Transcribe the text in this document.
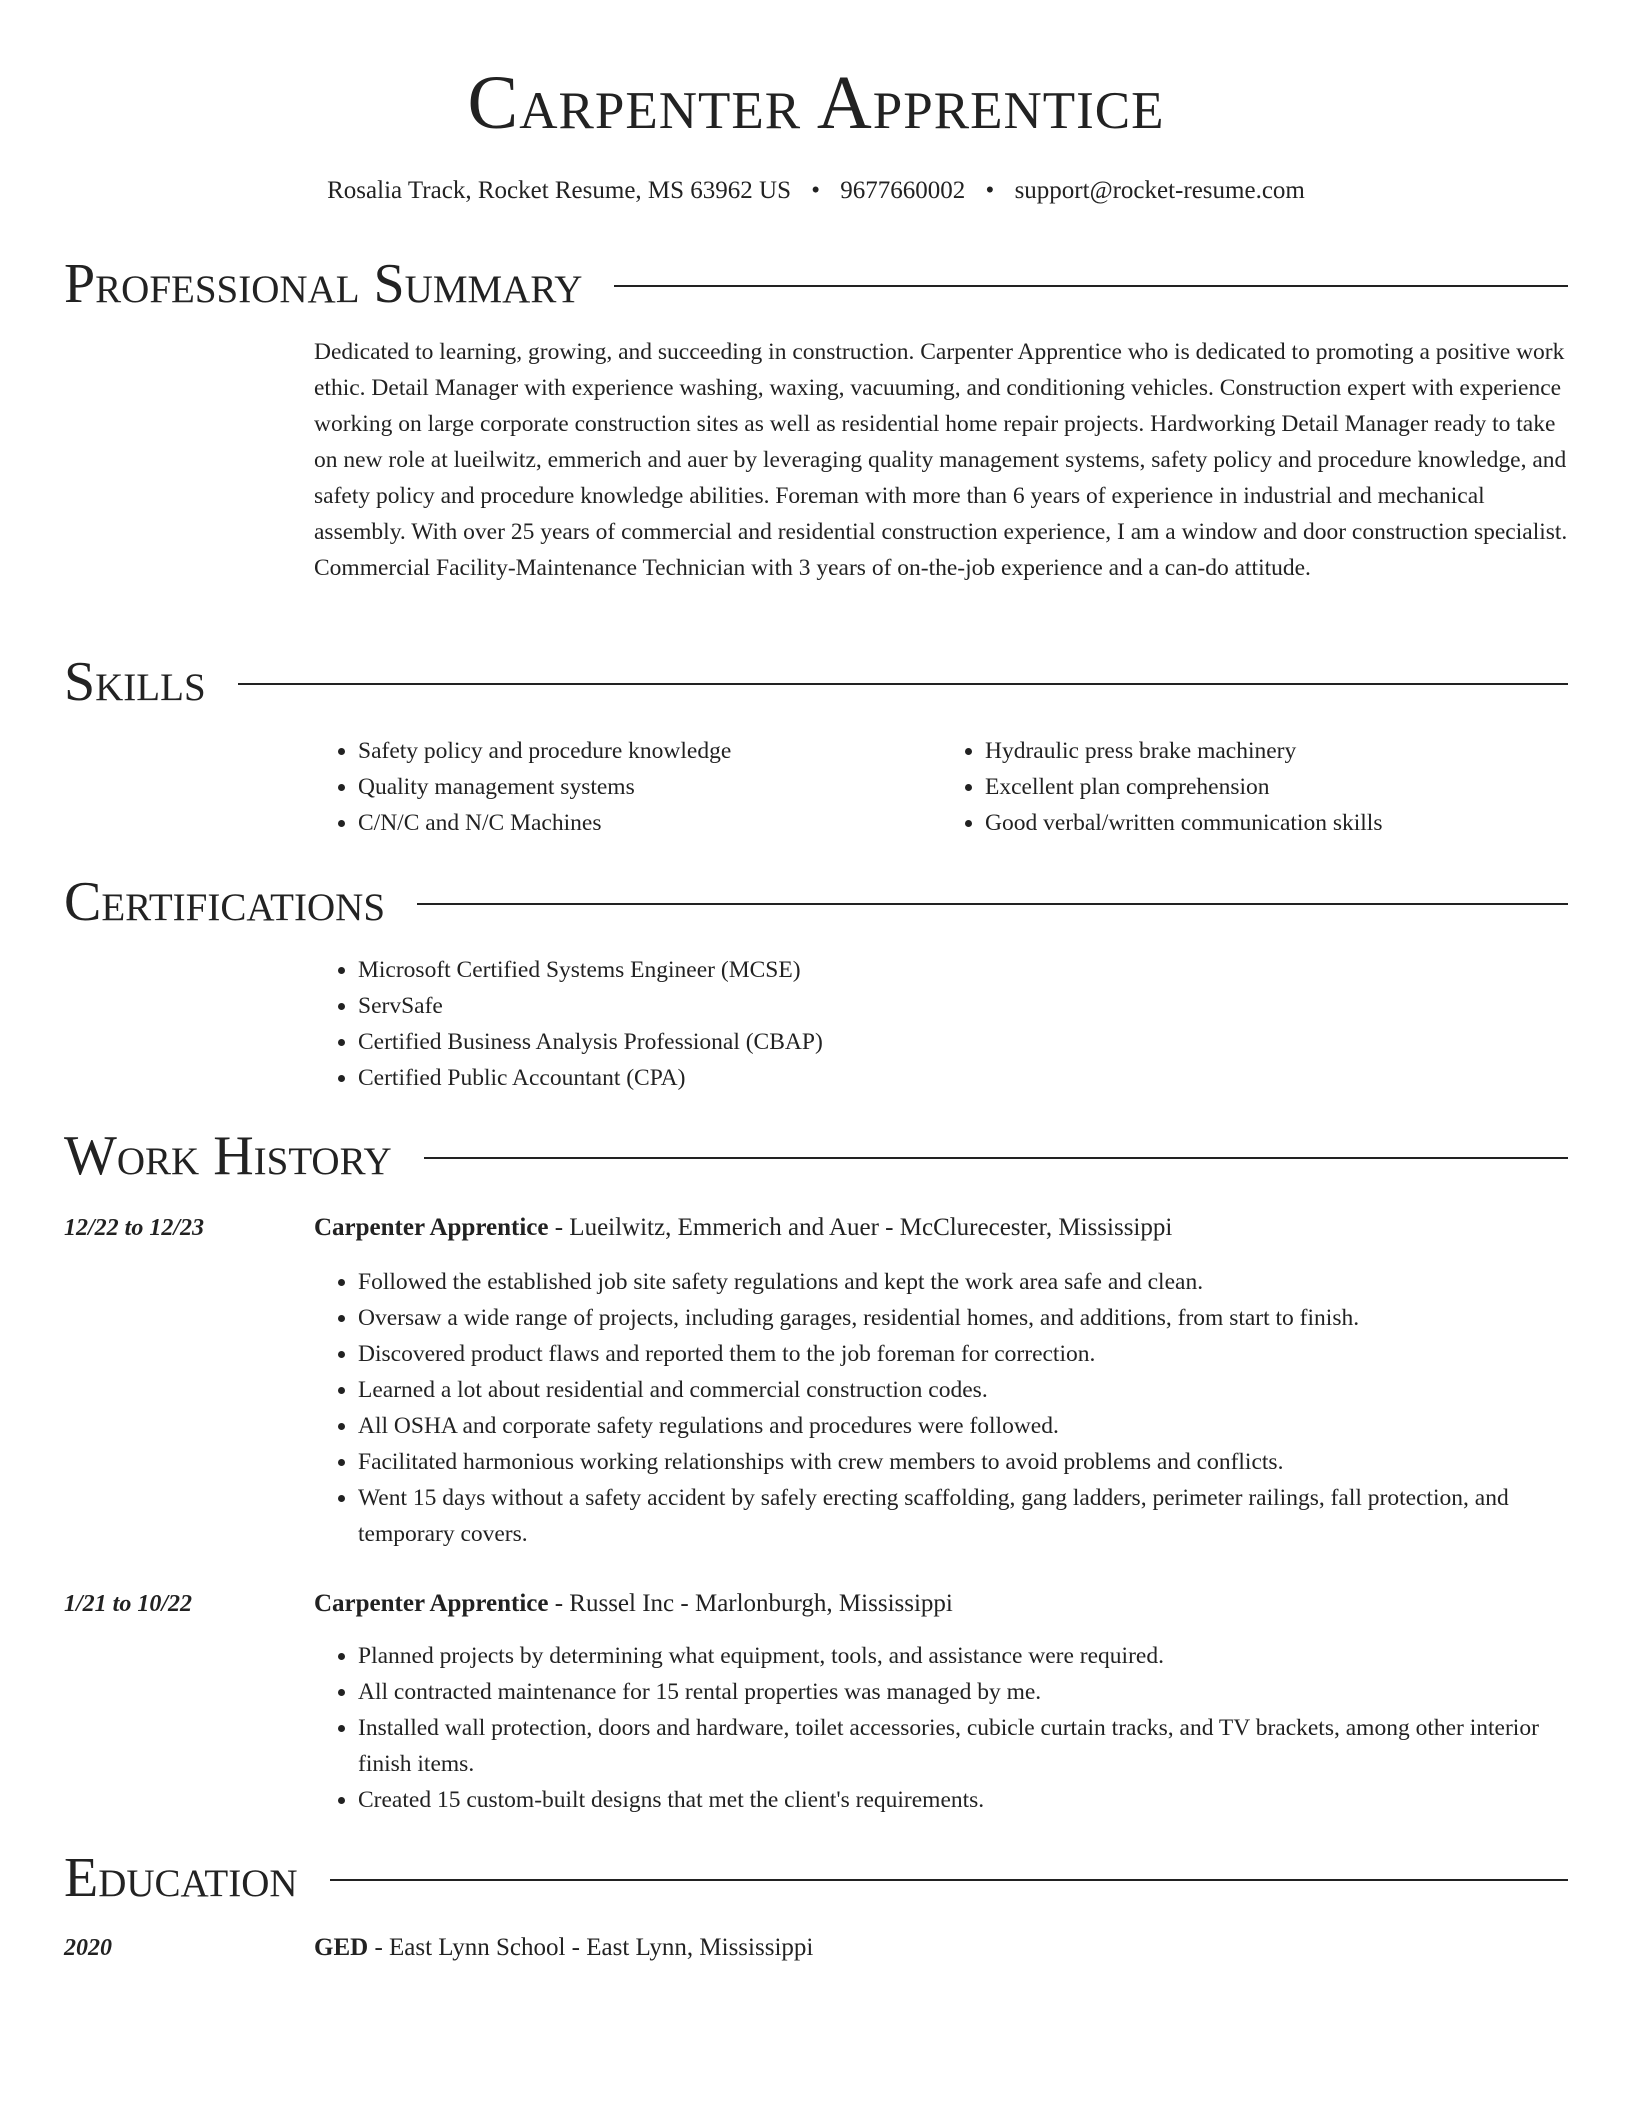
Carpenter Apprentice
Rosalia Track, Rocket Resume, MS 63962 US • 9677660002 • support@rocket-resume.com
Professional Summary

Dedicated to learning, growing, and succeeding in construction. Carpenter Apprentice who is dedicated to promoting a positive work ethic. Detail Manager with experience washing, waxing, vacuuming, and conditioning vehicles. Construction expert with experience working on large corporate construction sites as well as residential home repair projects. Hardworking Detail Manager ready to take on new role at lueilwitz, emmerich and auer by leveraging quality management systems, safety policy and procedure knowledge, and safety policy and procedure knowledge abilities. Foreman with more than 6 years of experience in industrial and mechanical assembly. With over 25 years of commercial and residential construction experience, I am a window and door construction specialist. Commercial Facility-Maintenance Technician with 3 years of on-the-job experience and a can-do attitude.

Skills
• Safety policy and procedure knowledge
• Quality management systems
• C/N/C and N/C Machines
• Hydraulic press brake machinery
• Excellent plan comprehension
• Good verbal/written communication skills
Certifications
• Microsoft Certified Systems Engineer (MCSE)
• ServSafe
• Certified Business Analysis Professional (CBAP)
• Certified Public Accountant (CPA)
Work History
12/22 to 12/23	Carpenter Apprentice - Lueilwitz, Emmerich and Auer - McClurecester, Mississippi
• Followed the established job site safety regulations and kept the work area safe and clean.
• Oversaw a wide range of projects, including garages, residential homes, and additions, from start to finish.
• Discovered product flaws and reported them to the job foreman for correction.
• Learned a lot about residential and commercial construction codes.
• All OSHA and corporate safety regulations and procedures were followed.
• Facilitated harmonious working relationships with crew members to avoid problems and conflicts.
• Went 15 days without a safety accident by safely erecting scaffolding, gang ladders, perimeter railings, fall protection, and temporary covers.
1/21 to 10/22	Carpenter Apprentice - Russel Inc - Marlonburgh, Mississippi
• Planned projects by determining what equipment, tools, and assistance were required.
• All contracted maintenance for 15 rental properties was managed by me.
• Installed wall protection, doors and hardware, toilet accessories, cubicle curtain tracks, and TV brackets, among other interior finish items.
• Created 15 custom-built designs that met the client's requirements.
Education
2020	GED - East Lynn School - East Lynn, Mississippi
